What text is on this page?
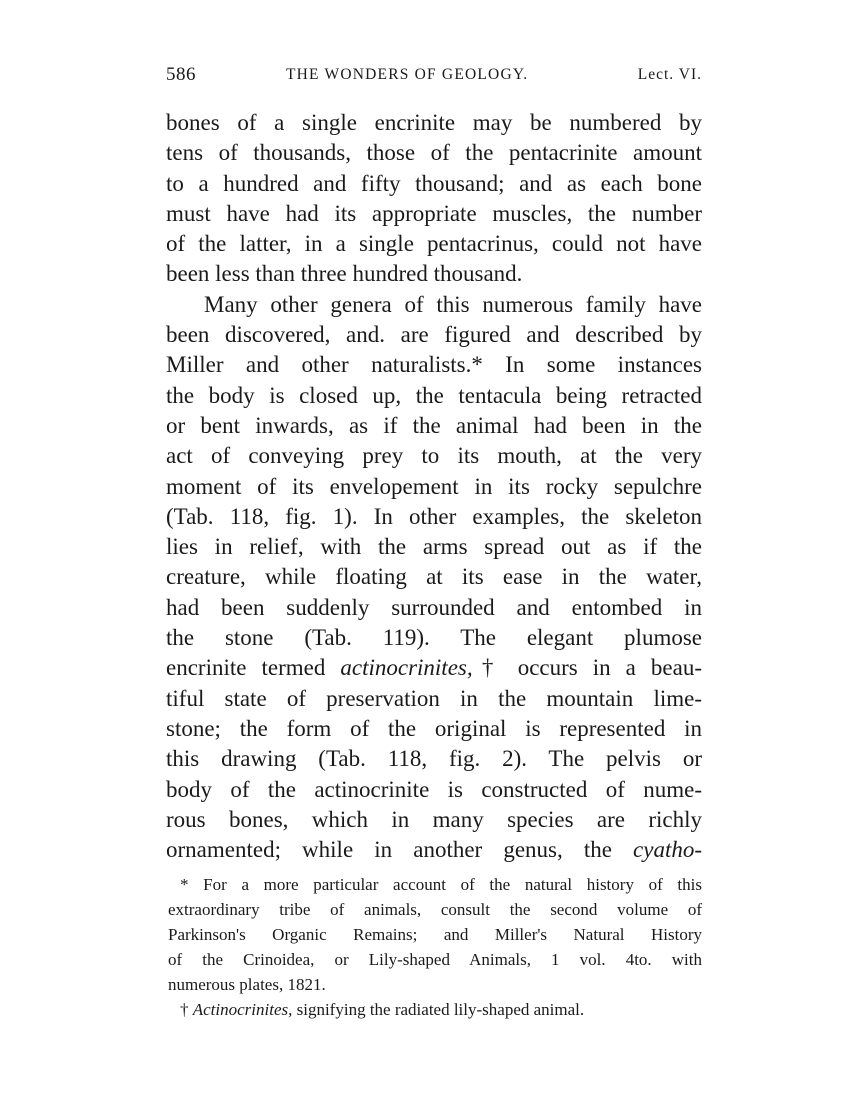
586	THE WONDERS OF GEOLOGY.	Lect. VI.
bones of a single encrinite may be numbered by
tens of thousands, those of the pentacrinite amount
to a hundred and fifty thousand; and as each bone
must have had its appropriate muscles, the number
of the latter, in a single pentacrinus, could not have
been less than three hundred thousand.
Many other genera of this numerous family have
been discovered, and. are figured and described by
Miller and other naturalists.* In some instances
the body is closed up, the tentacula being retracted
or bent inwards, as if the animal had been in the
act of conveying prey to its mouth, at the very
moment of its envelopement in its rocky sepulchre
(Tab. 118, fig. 1). In other examples, the skeleton
lies in relief, with the arms spread out as if the
creature, while floating at its ease in the water,
had been suddenly surrounded and entombed in
the stone (Tab. 119). The elegant plumose
encrinite termed actinocrinites,† occurs in a beau-
tiful state of preservation in the mountain lime-
stone; the form of the original is represented in
this drawing (Tab. 118, fig. 2). The pelvis or
body of the actinocrinite is constructed of nume-
rous bones, which in many species are richly
ornamented; while in another genus, the cyatho-
* For a more particular account of the natural history of this
extraordinary tribe of animals, consult the second volume of
Parkinson's Organic Remains; and Miller's Natural History
of the Crinoidea, or Lily-shaped Animals, 1 vol. 4to. with
numerous plates, 1821.
† Actinocrinites, signifying the radiated lily-shaped animal.
